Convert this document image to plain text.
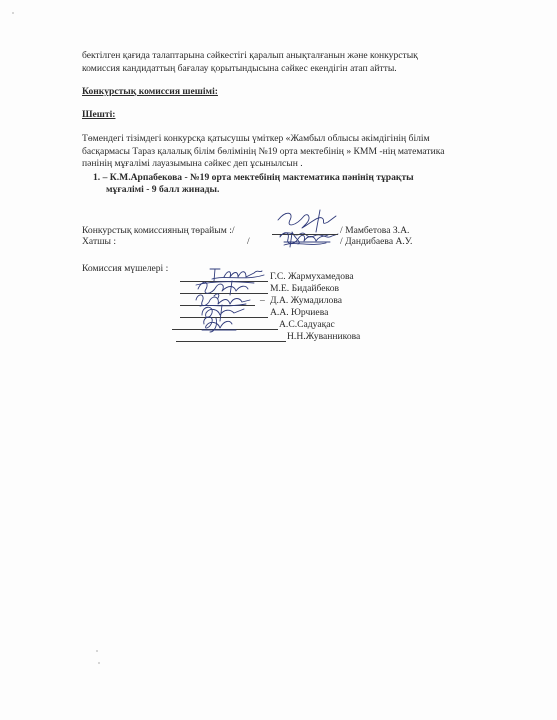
бектілген қағида талаптарына сәйкестігі қаралып анықталғанын және конкурстық
комиссия кандидаттың бағалау қорытындысына сәйкес екендігін атап айтты.
Конкурстық комиссия шешімі:
Шешті:
Төмендегі тізімдегі конкурсқа қатысушы үміткер «Жамбыл облысы әкімдігінің білім
басқармасы Тараз қалалық білім бөлімінің №19 орта мектебінің » КММ -нің математика
пәнінің мұғалімі лауазымына сәйкес деп ұсынылсын .
1. – К.М.Арпабекова - №19 орта мектебінің мактематика пәнінің тұрақты
мұғалімі - 9 балл жинады.
Конкурстық комиссияның төрайым :/	/ Мамбетова З.А.
Хатшы :	/	/ Дандибаева А.У.
Комиссия мүшелері :
Г.С. Жармухамедова
М.Е. Бидайбеков
– Д.А. Жумадилова
А.А. Юрчиева
А.С.Садуақас
Н.Н.Жуванникова
